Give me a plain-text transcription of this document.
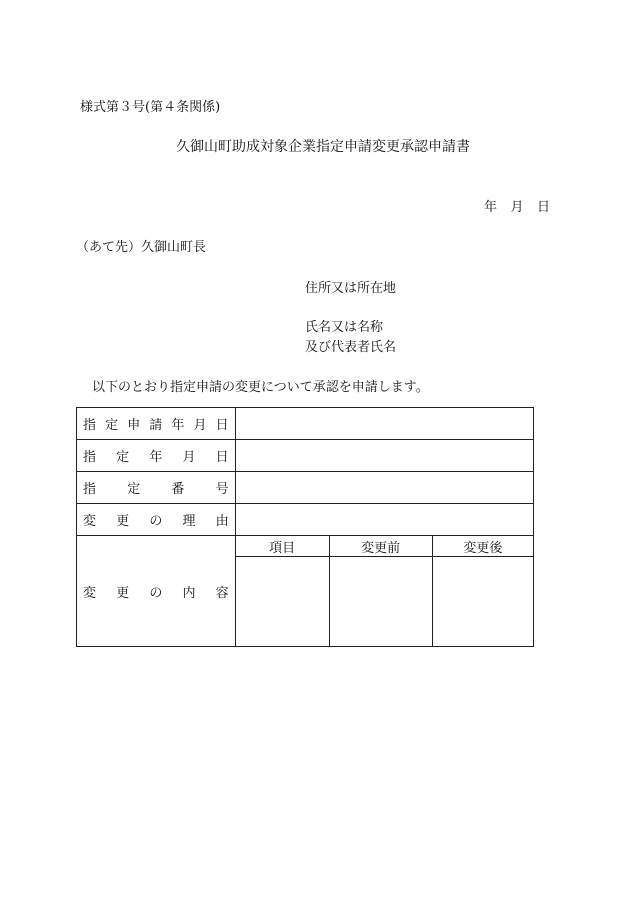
様式第３号(第４条関係)
久御山町助成対象企業指定申請変更承認申請書
年 月 日
（あて先）久御山町長
住所又は所在地
氏名又は名称
及び代表者氏名
以下のとおり指定申請の変更について承認を申請します。
指 定 申 請 年 月 日

指 定 年 月 日

指 定 番 号

変 更 の 理 由

変 更 の 内 容

項目	変更前	変更後
